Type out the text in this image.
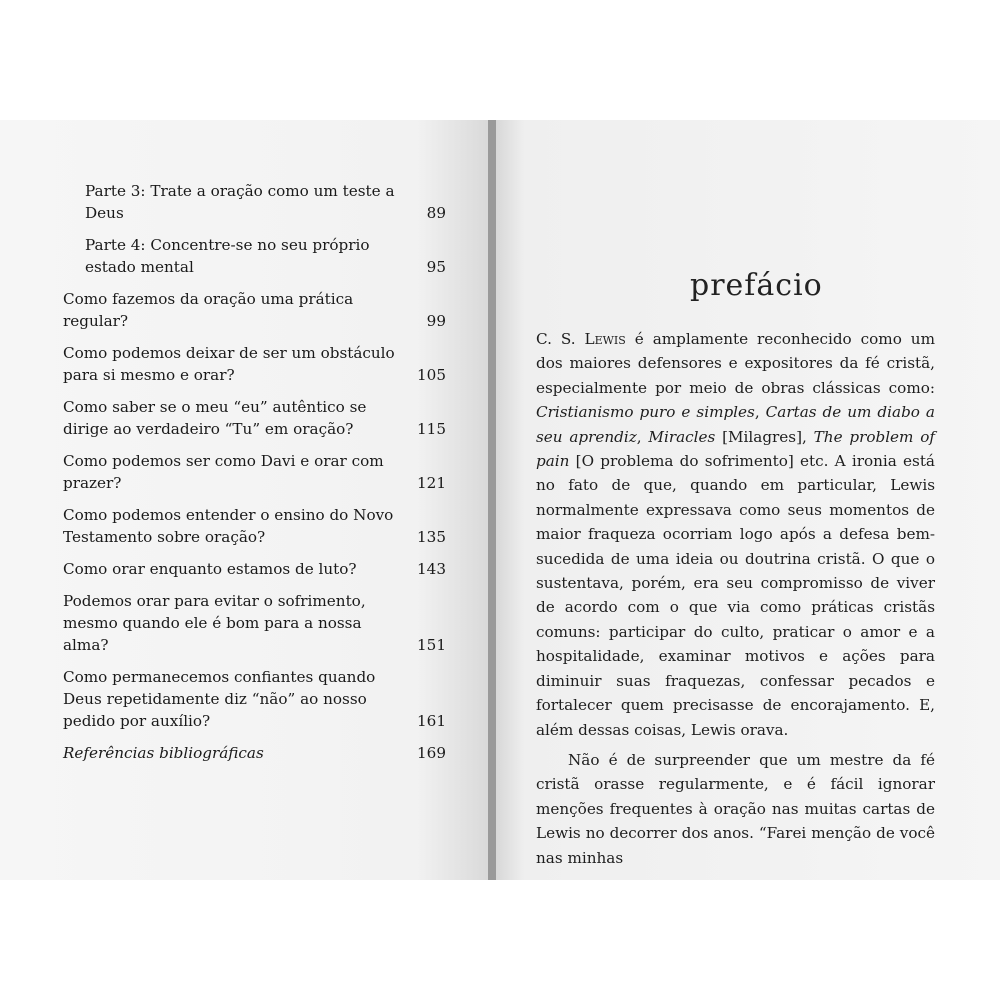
Parte 3: Trate a oração como um teste a Deus	89
Parte 4: Concentre-se no seu próprio estado mental	95
Como fazemos da oração uma prática regular?	99
Como podemos deixar de ser um obstáculo para si mesmo e orar?	105
Como saber se o meu “eu” autêntico se dirige ao verdadeiro “Tu” em oração?	115
Como podemos ser como Davi e orar com prazer?	121
Como podemos entender o ensino do Novo Testamento sobre oração?	135
Como orar enquanto estamos de luto?	143
Podemos orar para evitar o sofrimento, mesmo quando ele é bom para a nossa alma?	151
Como permanecemos confiantes quando Deus repetidamente diz “não” ao nosso pedido por auxílio?	161
Referências bibliográficas	169
prefácio

C. S. Lewis é amplamente reconhecido como um dos maiores defensores e expositores da fé cristã, especialmente por meio de obras clássicas como: Cristianismo puro e simples, Cartas de um diabo a seu aprendiz, Miracles [Milagres], The problem of pain [O problema do sofrimento] etc. A ironia está no fato de que, quando em particular, Lewis normalmente expressava como seus momentos de maior fraqueza ocorriam logo após a defesa bem-sucedida de uma ideia ou doutrina cristã. O que o sustentava, porém, era seu compromisso de viver de acordo com o que via como práticas cristãs comuns: participar do culto, praticar o amor e a hospitalidade, examinar motivos e ações para diminuir suas fraquezas, confessar pecados e fortalecer quem precisasse de encorajamento. E, além dessas coisas, Lewis orava.

Não é de surpreender que um mestre da fé cristã orasse regularmente, e é fácil ignorar menções frequentes à oração nas muitas cartas de Lewis no decorrer dos anos. “Farei menção de você nas minhas
